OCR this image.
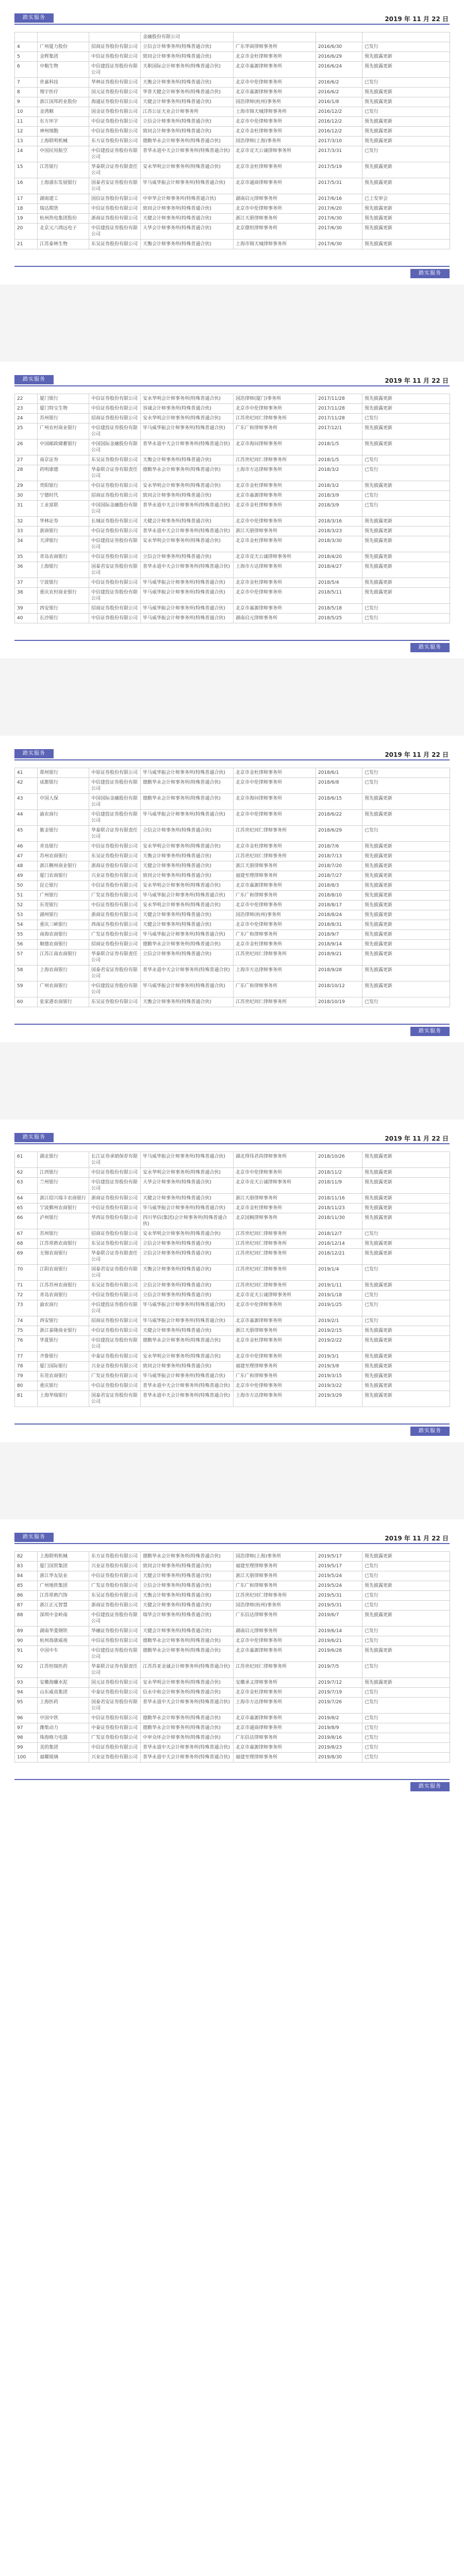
踏实服务	2019 年 11 月 22 日
			金融股份有限公司			
4	广州厦力股份	招商证券股份有限公司	立信会计师事务所(特殊普通合伙)	广东华商律师事务所	2016/6/30	已发行
5	金辉集团	中信证券股份有限公司	致同会计师事务所(特殊普通合伙)	北京市金杜律师事务所	2016/6/29	预先披露更新
6	中粮生物	中信建投证券股份有限公司	天职国际会计师事务所(特殊普通合伙)	北京市嘉源律师事务所	2016/6/24	预先披露更新
7	世嘉科技	华林证券股份有限公司	天衡会计师事务所(特殊普通合伙)	北京市中伦律师事务所	2016/6/2	已发行
8	翔宇医疗	国元证券股份有限公司	华普天健会计师事务所(特殊普通合伙)	北京市嘉源律师事务所	2016/6/2	预先披露更新
9	浙江国邦药业股份	海通证券股份有限公司	天健会计师事务所(特殊普通合伙)	国浩律师(杭州)事务所	2016/1/8	预先披露更新
10	金鸿顺	国金证券股份有限公司	江苏公证天业会计师事务所	上海市锦天城律师事务所	2016/12/2	已发行
11	东方环宇	中信证券股份有限公司	立信会计师事务所(特殊普通合伙)	北京市中伦律师事务所	2016/12/2	预先披露更新
12	神州细胞	中信证券股份有限公司	致同会计师事务所(特殊普通合伙)	北京市金杜律师事务所	2016/12/2	预先披露更新
13	上海联明机械	东方证券股份有限公司	德勤华永会计师事务所(特殊普通合伙)	国浩律师(上海)事务所	2017/3/10	预先披露更新
14	中国民用航空	中信建投证券股份有限公司	普华永道中天会计师事务所(特殊普通合伙)	北京市竞天公诚律师事务所	2017/3/31	已发行
15	江苏银行	华泰联合证券有限责任公司	安永华明会计师事务所(特殊普通合伙)	北京市金杜律师事务所	2017/5/19	预先披露更新
16	上海浦东发展银行	国泰君安证券股份有限公司	毕马威华振会计师事务所(特殊普通合伙)	北京市通商律师事务所	2017/5/31	预先披露更新
17	湖南建工	国信证券股份有限公司	中审华会计师事务所(特殊普通合伙)	湖南启元律师事务所	2017/6/16	已上发审会
18	瑞达期货	中信证券股份有限公司	致同会计师事务所(特殊普通合伙)	北京市中伦律师事务所	2017/6/20	预先披露更新
19	杭州热电集团股份	浙商证券股份有限公司	天健会计师事务所(特殊普通合伙)	浙江天册律师事务所	2017/6/30	预先披露更新
20	北京元六鸿远电子	中信建投证券股份有限公司	大华会计师事务所(特殊普通合伙)	北京德恒律师事务所	2017/6/30	预先披露更新
21	江苏泰林生物	东吴证券股份有限公司	天衡会计师事务所(特殊普通合伙)	上海市锦天城律师事务所	2017/6/30	预先披露更新
踏实服务
踏实服务	2019 年 11 月 22 日
22	厦门银行	中信证券股份有限公司	安永华明会计师事务所(特殊普通合伙)	国浩律师(厦门)事务所	2017/11/28	预先披露更新
23	厦门特宝生物	中信证券股份有限公司	容诚会计师事务所(特殊普通合伙)	北京市中伦律师事务所	2017/11/28	预先披露更新
24	苏州银行	招商证券股份有限公司	安永华明会计师事务所(特殊普通合伙)	江苏世纪同仁律师事务所	2017/11/28	已发行
25	广州农村商业银行	中信建投证券股份有限公司	毕马威华振会计师事务所(特殊普通合伙)	广东广和律师事务所	2017/12/1	预先披露更新
26	中国邮政储蓄银行	中国国际金融股份有限公司	普华永道中天会计师事务所(特殊普通合伙)	北京市海问律师事务所	2018/1/5	预先披露更新
27	南京证券	东吴证券股份有限公司	天衡会计师事务所(特殊普通合伙)	江苏世纪同仁律师事务所	2018/1/5	已发行
28	药明康德	华泰联合证券有限责任公司	德勤华永会计师事务所(特殊普通合伙)	上海市方达律师事务所	2018/3/2	已发行
29	贵阳银行	中信证券股份有限公司	安永华明会计师事务所(特殊普通合伙)	北京市金杜律师事务所	2018/3/2	预先披露更新
30	宁德时代	招商证券股份有限公司	致同会计师事务所(特殊普通合伙)	北京市嘉源律师事务所	2018/3/9	已发行
31	工业富联	中国国际金融股份有限公司	普华永道中天会计师事务所(特殊普通合伙)	北京市金杜律师事务所	2018/3/9	已发行
32	华林证券	长城证券股份有限公司	天健会计师事务所(特殊普通合伙)	北京市中伦律师事务所	2018/3/16	预先披露更新
33	浙商银行	中信证券股份有限公司	普华永道中天会计师事务所(特殊普通合伙)	浙江天册律师事务所	2018/3/23	预先披露更新
34	天津银行	中信建投证券股份有限公司	安永华明会计师事务所(特殊普通合伙)	北京市金杜律师事务所	2018/3/30	预先披露更新
35	青岛农商银行	中信证券股份有限公司	立信会计师事务所(特殊普通合伙)	北京市竞天公诚律师事务所	2018/4/20	预先披露更新
36	上海银行	国泰君安证券股份有限公司	普华永道中天会计师事务所(特殊普通合伙)	上海市方达律师事务所	2018/4/27	预先披露更新
37	宁波银行	中信证券股份有限公司	毕马威华振会计师事务所(特殊普通合伙)	北京市金杜律师事务所	2018/5/4	预先披露更新
38	重庆农村商业银行	中信建投证券股份有限公司	毕马威华振会计师事务所(特殊普通合伙)	北京市中伦律师事务所	2018/5/11	预先披露更新
39	西安银行	招商证券股份有限公司	毕马威华振会计师事务所(特殊普通合伙)	北京市嘉源律师事务所	2018/5/18	已发行
40	长沙银行	中信证券股份有限公司	毕马威华振会计师事务所(特殊普通合伙)	湖南启元律师事务所	2018/5/25	已发行
踏实服务
踏实服务	2019 年 11 月 22 日
41	郑州银行	中原证券股份有限公司	毕马威华振会计师事务所(特殊普通合伙)	北京市金杜律师事务所	2018/6/1	已发行
42	成都银行	中信建投证券股份有限公司	德勤华永会计师事务所(特殊普通合伙)	北京市中伦律师事务所	2018/6/8	已发行
43	中国人保	中国国际金融股份有限公司	德勤华永会计师事务所(特殊普通合伙)	北京市海问律师事务所	2018/6/15	预先披露更新
44	渝农商行	中信建投证券股份有限公司	毕马威华振会计师事务所(特殊普通合伙)	北京市中伦律师事务所	2018/6/22	预先披露更新
45	紫金银行	华泰联合证券有限责任公司	立信会计师事务所(特殊普通合伙)	江苏世纪同仁律师事务所	2018/6/29	已发行
46	青岛银行	中信证券股份有限公司	安永华明会计师事务所(特殊普通合伙)	北京市金杜律师事务所	2018/7/6	预先披露更新
47	苏州农商银行	东吴证券股份有限公司	天衡会计师事务所(特殊普通合伙)	江苏世纪同仁律师事务所	2018/7/13	预先披露更新
48	浙江稠州商业银行	浙商证券股份有限公司	天健会计师事务所(特殊普通合伙)	浙江天册律师事务所	2018/7/20	预先披露更新
49	厦门农商银行	兴业证券股份有限公司	致同会计师事务所(特殊普通合伙)	福建至理律师事务所	2018/7/27	预先披露更新
50	昆仑银行	中信证券股份有限公司	安永华明会计师事务所(特殊普通合伙)	北京市嘉源律师事务所	2018/8/3	预先披露更新
51	广州银行	广发证券股份有限公司	毕马威华振会计师事务所(特殊普通合伙)	广东广和律师事务所	2018/8/10	预先披露更新
52	东莞银行	中信证券股份有限公司	安永华明会计师事务所(特殊普通合伙)	北京市中伦律师事务所	2018/8/17	预先披露更新
53	湖州银行	浙商证券股份有限公司	天健会计师事务所(特殊普通合伙)	国浩律师(杭州)事务所	2018/8/24	预先披露更新
54	重庆三峡银行	西南证券股份有限公司	天健会计师事务所(特殊普通合伙)	北京市中伦律师事务所	2018/8/31	预先披露更新
55	南海农商银行	广发证券股份有限公司	毕马威华振会计师事务所(特殊普通合伙)	广东广和律师事务所	2018/9/7	预先披露更新
56	顺德农商银行	招商证券股份有限公司	德勤华永会计师事务所(特殊普通合伙)	北京市金杜律师事务所	2018/9/14	预先披露更新
57	江苏江南农商银行	华泰联合证券有限责任公司	立信会计师事务所(特殊普通合伙)	江苏世纪同仁律师事务所	2018/9/21	预先披露更新
58	上海农商银行	国泰君安证券股份有限公司	普华永道中天会计师事务所(特殊普通合伙)	上海市方达律师事务所	2018/9/28	预先披露更新
59	广州农商银行	中信建投证券股份有限公司	毕马威华振会计师事务所(特殊普通合伙)	广东广和律师事务所	2018/10/12	预先披露更新
60	张家港农商银行	东吴证券股份有限公司	天衡会计师事务所(特殊普通合伙)	江苏世纪同仁律师事务所	2018/10/19	已发行
踏实服务
踏实服务	2019 年 11 月 22 日
61	湖北银行	长江证券承销保荐有限公司	毕马威华振会计师事务所(特殊普通合伙)	湖北得伟君尚律师事务所	2018/10/26	预先披露更新
62	江西银行	中信证券股份有限公司	安永华明会计师事务所(特殊普通合伙)	北京市中伦律师事务所	2018/11/2	预先披露更新
63	兰州银行	中信建投证券股份有限公司	大华会计师事务所(特殊普通合伙)	北京市竞天公诚律师事务所	2018/11/9	预先披露更新
64	浙江绍兴瑞丰农商银行	浙商证券股份有限公司	天健会计师事务所(特殊普通合伙)	浙江天册律师事务所	2018/11/16	预先披露更新
65	宁波鄞州农商银行	中信证券股份有限公司	毕马威华振会计师事务所(特殊普通合伙)	北京市金杜律师事务所	2018/11/23	预先披露更新
66	泸州银行	华西证券股份有限公司	四川华信(集团)会计师事务所(特殊普通合伙)	北京国枫律师事务所	2018/11/30	预先披露更新
67	苏州银行	招商证券股份有限公司	安永华明会计师事务所(特殊普通合伙)	江苏世纪同仁律师事务所	2018/12/7	已发行
68	江苏常熟农商银行	东吴证券股份有限公司	立信会计师事务所(特殊普通合伙)	江苏世纪同仁律师事务所	2018/12/14	预先披露更新
69	无锡农商银行	华泰联合证券有限责任公司	立信会计师事务所(特殊普通合伙)	江苏世纪同仁律师事务所	2018/12/21	预先披露更新
70	江阴农商银行	国泰君安证券股份有限公司	天衡会计师事务所(特殊普通合伙)	江苏世纪同仁律师事务所	2019/1/4	已发行
71	江苏苏州农商银行	东吴证券股份有限公司	立信会计师事务所(特殊普通合伙)	江苏世纪同仁律师事务所	2019/1/11	预先披露更新
72	青岛农商银行	中信证券股份有限公司	立信会计师事务所(特殊普通合伙)	北京市竞天公诚律师事务所	2019/1/18	已发行
73	渝农商行	中信建投证券股份有限公司	毕马威华振会计师事务所(特殊普通合伙)	北京市中伦律师事务所	2019/1/25	已发行
74	西安银行	招商证券股份有限公司	毕马威华振会计师事务所(特殊普通合伙)	北京市嘉源律师事务所	2019/2/1	已发行
75	浙江泰隆商业银行	中信证券股份有限公司	天健会计师事务所(特殊普通合伙)	浙江天册律师事务所	2019/2/15	预先披露更新
76	华夏银行	中信建投证券股份有限公司	德勤华永会计师事务所(特殊普通合伙)	北京市金杜律师事务所	2019/2/22	预先披露更新
77	齐鲁银行	中泰证券股份有限公司	安永华明会计师事务所(特殊普通合伙)	北京市中伦律师事务所	2019/3/1	预先披露更新
78	厦门国际银行	兴业证券股份有限公司	致同会计师事务所(特殊普通合伙)	福建至理律师事务所	2019/3/8	预先披露更新
79	东莞农商银行	广发证券股份有限公司	毕马威华振会计师事务所(特殊普通合伙)	广东广和律师事务所	2019/3/15	预先披露更新
80	重庆银行	中信证券股份有限公司	普华永道中天会计师事务所(特殊普通合伙)	北京市中伦律师事务所	2019/3/22	预先披露更新
81	上海华瑞银行	国泰君安证券股份有限公司	普华永道中天会计师事务所(特殊普通合伙)	上海市方达律师事务所	2019/3/29	预先披露更新
踏实服务
踏实服务	2019 年 11 月 22 日
82	上海联明机械	东方证券股份有限公司	德勤华永会计师事务所(特殊普通合伙)	国浩律师(上海)事务所	2019/5/17	预先披露更新
83	厦门国贸集团	兴业证券股份有限公司	致同会计师事务所(特殊普通合伙)	福建至理律师事务所	2019/5/17	已发行
84	浙江华友钴业	中信证券股份有限公司	天健会计师事务所(特殊普通合伙)	浙江天册律师事务所	2019/5/24	已发行
85	广州地铁集团	广发证券股份有限公司	立信会计师事务所(特殊普通合伙)	广东广和律师事务所	2019/5/24	预先披露更新
86	江苏常熟汽饰	东吴证券股份有限公司	天衡会计师事务所(特殊普通合伙)	江苏世纪同仁律师事务所	2019/5/31	已发行
87	浙江正元智慧	浙商证券股份有限公司	天健会计师事务所(特殊普通合伙)	国浩律师(杭州)事务所	2019/5/31	已发行
88	深圳中金岭南	中信建投证券股份有限公司	瑞华会计师事务所(特殊普通合伙)	广东信达律师事务所	2019/6/7	预先披露更新
89	湖南华菱钢铁	华融证券股份有限公司	天健会计师事务所(特殊普通合伙)	湖南启元律师事务所	2019/6/14	已发行
90	杭州海康威视	中信证券股份有限公司	德勤华永会计师事务所(特殊普通合伙)	北京市中伦律师事务所	2019/6/21	已发行
91	中国中车	中信建投证券股份有限公司	德勤华永会计师事务所(特殊普通合伙)	北京市嘉源律师事务所	2019/6/28	预先披露更新
92	江苏恒瑞医药	华泰联合证券有限责任公司	江苏苏亚金诚会计师事务所(特殊普通合伙)	江苏世纪同仁律师事务所	2019/7/5	已发行
93	安徽海螺水泥	国元证券股份有限公司	安永华明会计师事务所(特殊普通合伙)	安徽承义律师事务所	2019/7/12	预先披露更新
94	山东威高集团	中泰证券股份有限公司	信永中和会计师事务所(特殊普通合伙)	北京市金杜律师事务所	2019/7/19	已发行
95	上海医药	国泰君安证券股份有限公司	普华永道中天会计师事务所(特殊普通合伙)	上海市方达律师事务所	2019/7/26	已发行
96	中国中铁	中信证券股份有限公司	德勤华永会计师事务所(特殊普通合伙)	北京市嘉源律师事务所	2019/8/2	已发行
97	潍柴动力	中泰证券股份有限公司	德勤华永会计师事务所(特殊普通合伙)	北京市通商律师事务所	2019/8/9	已发行
98	珠海格力电器	广发证券股份有限公司	中审众环会计师事务所(特殊普通合伙)	广东信达律师事务所	2019/8/16	已发行
99	美的集团	中信证券股份有限公司	普华永道中天会计师事务所(特殊普通合伙)	北京市嘉源律师事务所	2019/8/23	已发行
100	福耀玻璃	兴业证券股份有限公司	普华永道中天会计师事务所(特殊普通合伙)	福建至理律师事务所	2019/8/30	已发行
踏实服务
